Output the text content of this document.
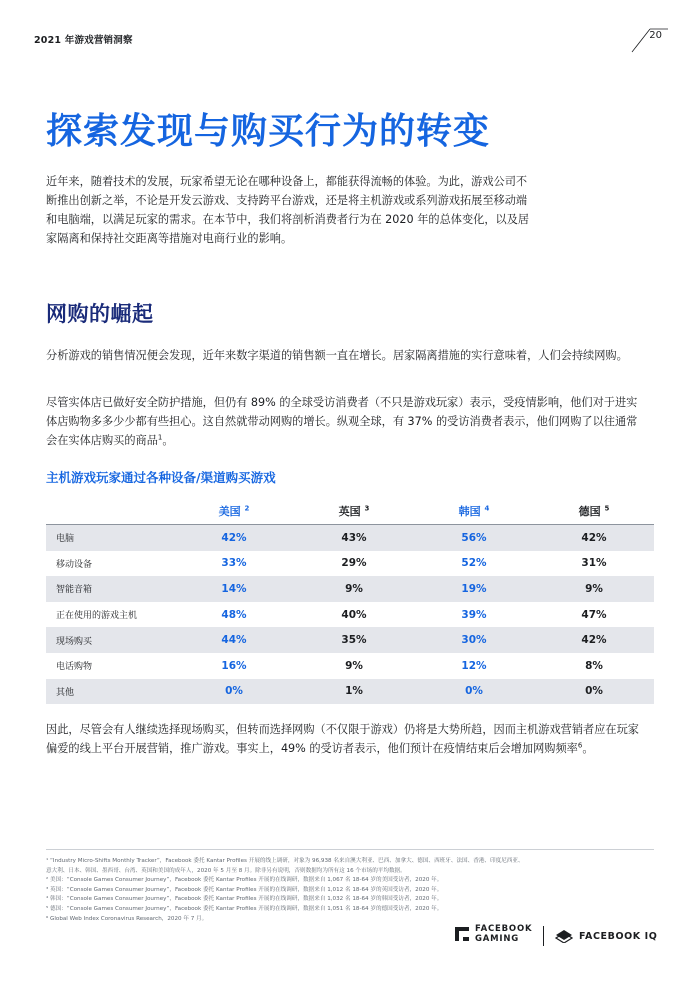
2021 年游戏营销洞察	20
探索发现与购买行为的转变

近年来，随着技术的发展，玩家希望无论在哪种设备上，都能获得流畅的体验。为此，游戏公司不断推出创新之举，不论是开发云游戏、支持跨平台游戏，还是将主机游戏或系列游戏拓展至移动端和电脑端，以满足玩家的需求。在本节中，我们将剖析消费者行为在 2020 年的总体变化，以及居家隔离和保持社交距离等措施对电商行业的影响。

网购的崛起

分析游戏的销售情况便会发现，近年来数字渠道的销售额一直在增长。居家隔离措施的实行意味着，人们会持续网购。

尽管实体店已做好安全防护措施，但仍有 89% 的全球受访消费者（不只是游戏玩家）表示，受疫情影响，他们对于进实体店购物多多少少都有些担心。这自然就带动网购的增长。纵观全球，有 37% 的受访消费者表示，他们网购了以往通常会在实体店购买的商品$^1$。

主机游戏玩家通过各种设备/渠道购买游戏
	美国 $^2$	英国 $^3$	韩国 $^4$	德国 $^5$
电脑	42%	43%	56%	42%
移动设备	33%	29%	52%	31%
智能音箱	14%	9%	19%	9%
正在使用的游戏主机	48%	40%	39%	47%
现场购买	44%	35%	30%	42%
电话购物	16%	9%	12%	8%
其他	0%	1%	0%	0%

因此，尽管会有人继续选择现场购买，但转而选择网购（不仅限于游戏）仍将是大势所趋，因而主机游戏营销者应在玩家偏爱的线上平台开展营销，推广游戏。事实上，49% 的受访者表示，他们预计在疫情结束后会增加网购频率$^6$。

¹ “Industry Micro-Shifts Monthly Tracker”，Facebook 委托 Kantar Profiles 开展的线上调研，对象为 96,938 名来自澳大利亚、巴西、加拿大、德国、西班牙、法国、香港、印度尼西亚、
意大利、日本、韩国、墨西哥、台湾、英国和美国的成年人，2020 年 5 月至 8 月。除非另有说明，否则数据均为所有这 16 个市场的平均数据。
² 美国：“Console Games Consumer Journey”，Facebook 委托 Kantar Profiles 开展的在线调研，数据来自 1,067 名 18-64 岁的美国受访者，2020 年。
³ 英国：“Console Games Consumer Journey”，Facebook 委托 Kantar Profiles 开展的在线调研，数据来自 1,012 名 18-64 岁的英国受访者，2020 年。
⁴ 韩国：“Console Games Consumer Journey”，Facebook 委托 Kantar Profiles 开展的在线调研，数据来自 1,032 名 18-64 岁的韩国受访者，2020 年。
⁵ 德国：“Console Games Consumer Journey”，Facebook 委托 Kantar Profiles 开展的在线调研，数据来自 1,051 名 18-64 岁的德国受访者，2020 年。
⁶ Global Web Index Coronavirus Research，2020 年 7 月。
FACEBOOK
GAMING	FACEBOOK IQ
